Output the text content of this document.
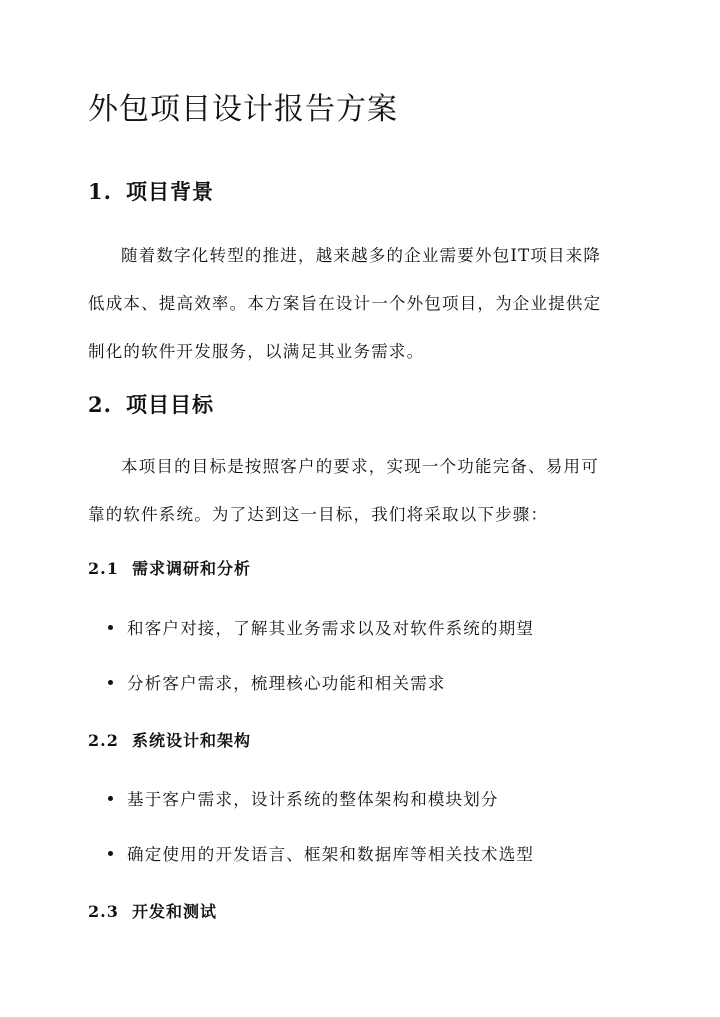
外包项目设计报告方案
1. 项目背景
随着数字化转型的推进，越来越多的企业需要外包IT项目来降
低成本、提高效率。本方案旨在设计一个外包项目，为企业提供定
制化的软件开发服务，以满足其业务需求。
2. 项目目标
本项目的目标是按照客户的要求，实现一个功能完备、易用可
靠的软件系统。为了达到这一目标，我们将采取以下步骤：
2.1 需求调研和分析
和客户对接，了解其业务需求以及对软件系统的期望
分析客户需求，梳理核心功能和相关需求
2.2 系统设计和架构
基于客户需求，设计系统的整体架构和模块划分
确定使用的开发语言、框架和数据库等相关技术选型
2.3 开发和测试
